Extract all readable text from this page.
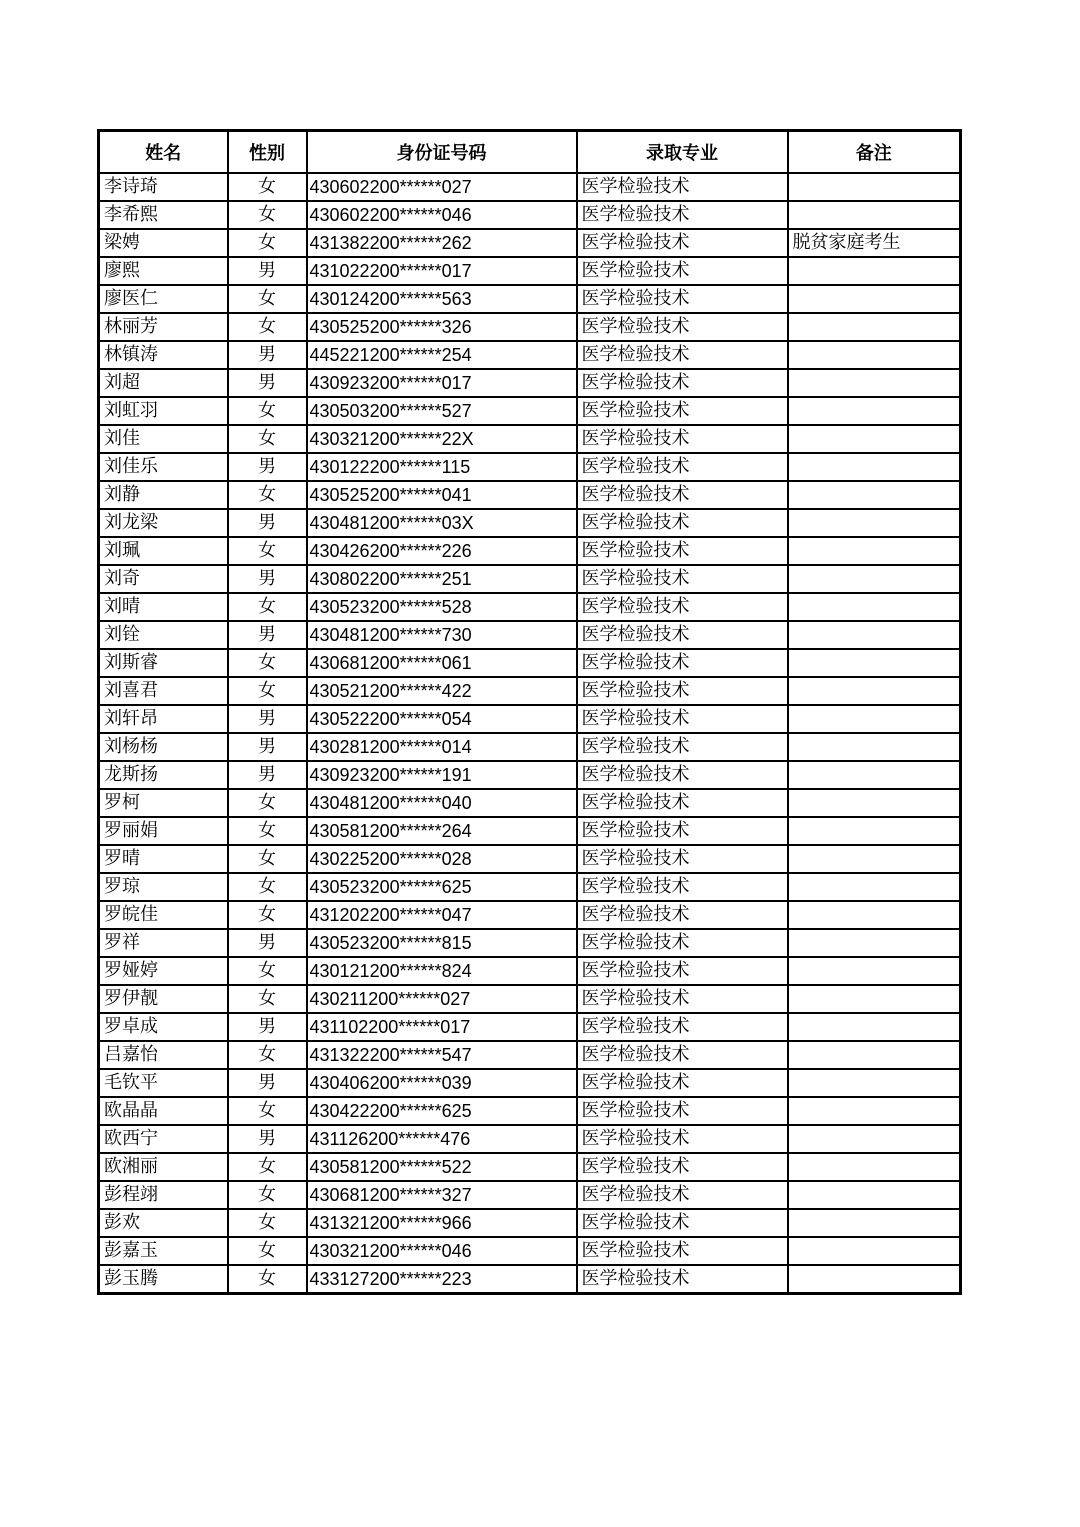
姓名	性别	身份证号码	录取专业	备注
李诗琦	女	430602200******027	医学检验技术	
李希熙	女	430602200******046	医学检验技术	
梁娉	女	431382200******262	医学检验技术	脱贫家庭考生
廖熙	男	431022200******017	医学检验技术	
廖医仁	女	430124200******563	医学检验技术	
林丽芳	女	430525200******326	医学检验技术	
林镇涛	男	445221200******254	医学检验技术	
刘超	男	430923200******017	医学检验技术	
刘虹羽	女	430503200******527	医学检验技术	
刘佳	女	430321200******22X	医学检验技术	
刘佳乐	男	430122200******115	医学检验技术	
刘静	女	430525200******041	医学检验技术	
刘龙梁	男	430481200******03X	医学检验技术	
刘珮	女	430426200******226	医学检验技术	
刘奇	男	430802200******251	医学检验技术	
刘晴	女	430523200******528	医学检验技术	
刘铨	男	430481200******730	医学检验技术	
刘斯睿	女	430681200******061	医学检验技术	
刘喜君	女	430521200******422	医学检验技术	
刘轩昂	男	430522200******054	医学检验技术	
刘杨杨	男	430281200******014	医学检验技术	
龙斯扬	男	430923200******191	医学检验技术	
罗柯	女	430481200******040	医学检验技术	
罗丽娟	女	430581200******264	医学检验技术	
罗晴	女	430225200******028	医学检验技术	
罗琼	女	430523200******625	医学检验技术	
罗皖佳	女	431202200******047	医学检验技术	
罗祥	男	430523200******815	医学检验技术	
罗娅婷	女	430121200******824	医学检验技术	
罗伊靓	女	430211200******027	医学检验技术	
罗卓成	男	431102200******017	医学检验技术	
吕嘉怡	女	431322200******547	医学检验技术	
毛钦平	男	430406200******039	医学检验技术	
欧晶晶	女	430422200******625	医学检验技术	
欧西宁	男	431126200******476	医学检验技术	
欧湘丽	女	430581200******522	医学检验技术	
彭程翊	女	430681200******327	医学检验技术	
彭欢	女	431321200******966	医学检验技术	
彭嘉玉	女	430321200******046	医学检验技术	
彭玉腾	女	433127200******223	医学检验技术	
